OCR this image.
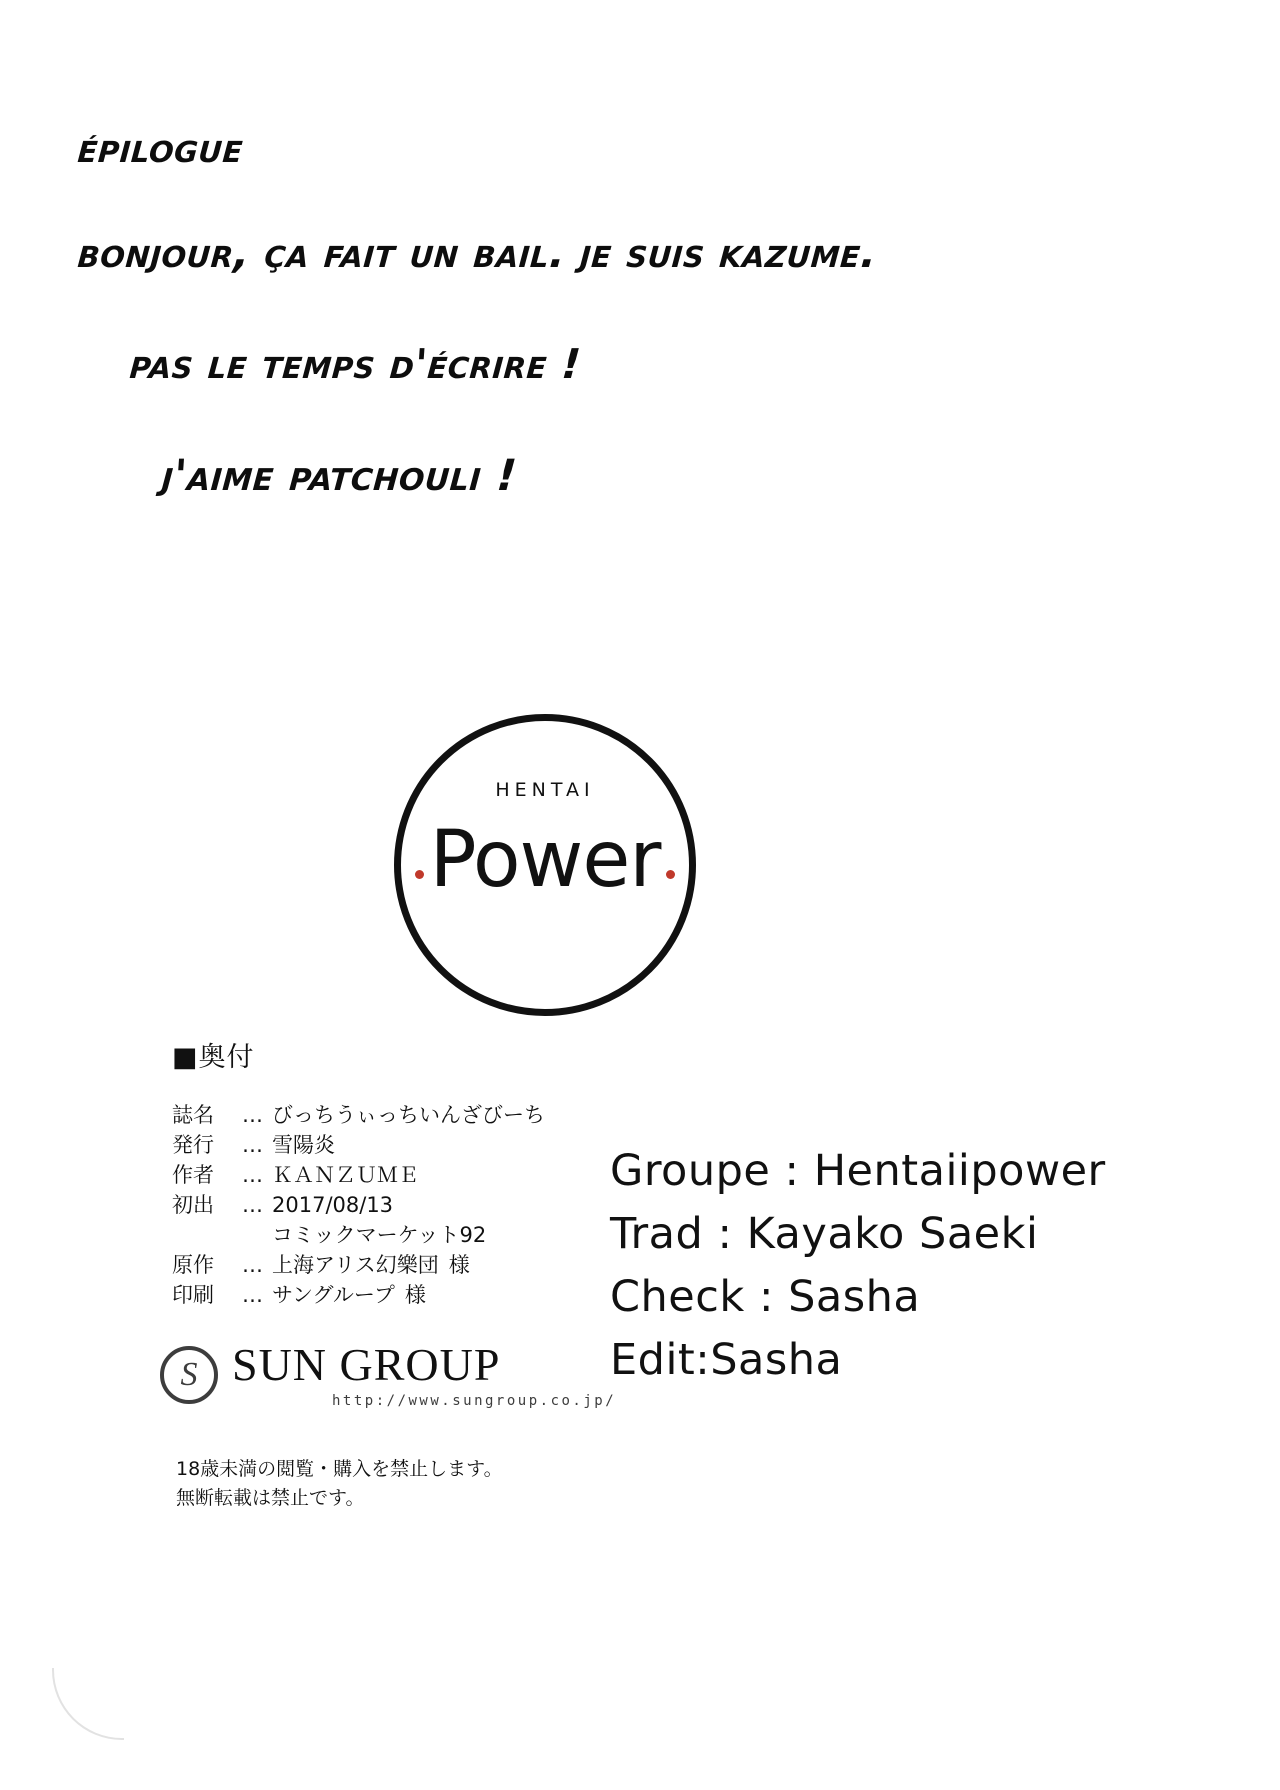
épilogue
bonjour, ça fait un bail. je suis kazume.
pas le temps d'écrire !
j'aime patchouli !
HENTAI
Power
■奥付
誌名	… びっちうぃっちいんざびーち
発行	… 雪陽炎
作者	… ＫＡＮＺＵＭＥ
初出	… 2017/08/13
コミックマーケット92
原作	… 上海アリス幻樂団 様
印刷	… サングループ 様
S SUN GROUP
http://www.sungroup.co.jp/
18歳未満の閲覧・購入を禁止します。
無断転載は禁止です。
Groupe : Hentaiipower
Trad : Kayako Saeki
Check : Sasha
Edit:Sasha
